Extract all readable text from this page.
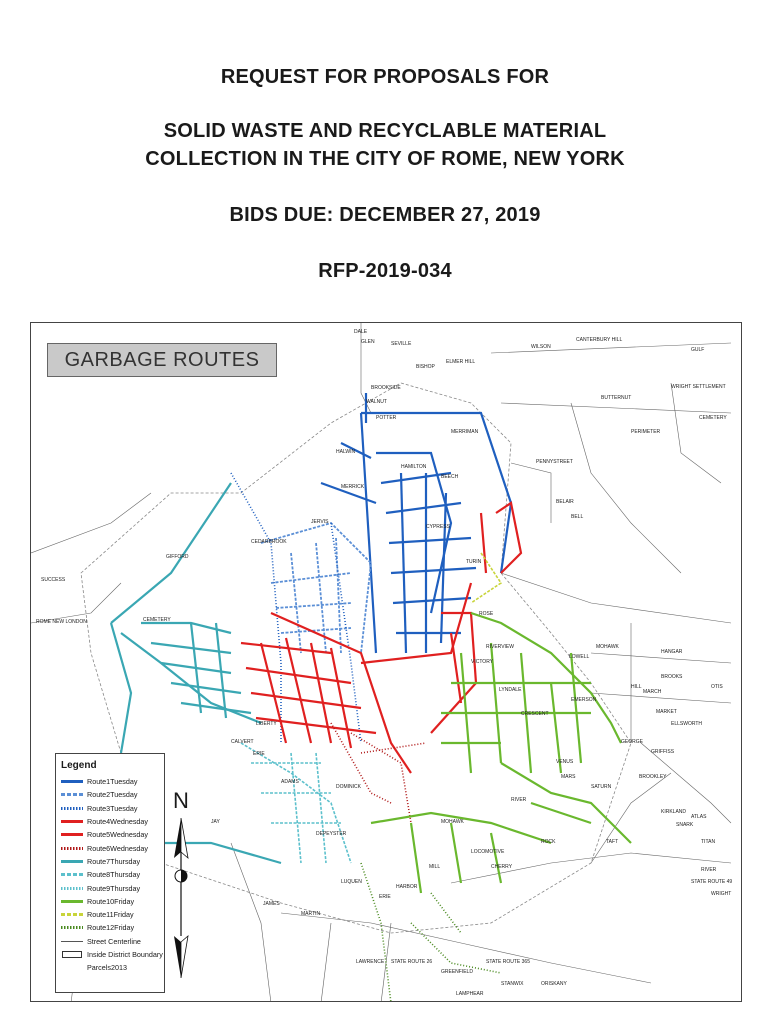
REQUEST FOR PROPOSALS FOR
SOLID WASTE AND RECYCLABLE MATERIAL
COLLECTION IN THE CITY OF ROME, NEW YORK
BIDS DUE: DECEMBER 27, 2019
RFP-2019-034
DALE
GLEN	SEVILLE
BISHOP
ELMER HILL
WILSON
CANTERBURY HILL
GULF
BUTTERNUT
WRIGHT SETTLEMENT
CEMETERY
PERIMETER
BROOKSIDE
POTTER
WALNUT
MERRIMAN
HAMILTON
BEECH
PENNYSTREET
BELAIR
BELL
HALWIN
TURIN
CYPRESS
MERRICK
JERVIS
CEDARBROOK
GIFFORD
SUCCESS
ROME NEW LONDON	CEMETERY
ROSE
MOHAWK
HANGAR
BROOKS
LOWELL
HILL
MARCH
OTIS
RIVERVIEW
VICTORY
LYNDALE
EMERSON
MARKET
ELLSWORTH
CRESCENT
CALVERT
ERIE
LIBERTY
DOMINICK
ADAMS
JAY
GEORGE
GRIFFISS
BROOKLEY
KIRKLAND
ATLAS
SNARK
TITAN
RIVER
STATE ROUTE 49
WRIGHT
TAFT
SATURN
MARS
VENUS
RIVER
MOHAWK
HARBOR
MARTIN
JAMES
DEPEYSTER
LUQUEN
ERIE
LAWRENCE STATE ROUTE 26	STATE ROUTE 365
GREENFIELD
STANWIX	ORISKANY
LAMPHEAR
LOCOMOTIVE
CHERRY
ROCK
MILL
GARBAGE ROUTES
Legend
Route1Tuesday
Route2Tuesday
Route3Tuesday
Route4Wednesday
Route5Wednesday
Route6Wednesday
Route7Thursday
Route8Thursday
Route9Thursday
Route10Friday
Route11Friday
Route12Friday
Street Centerline
Inside District Boundary
Parcels2013
N
